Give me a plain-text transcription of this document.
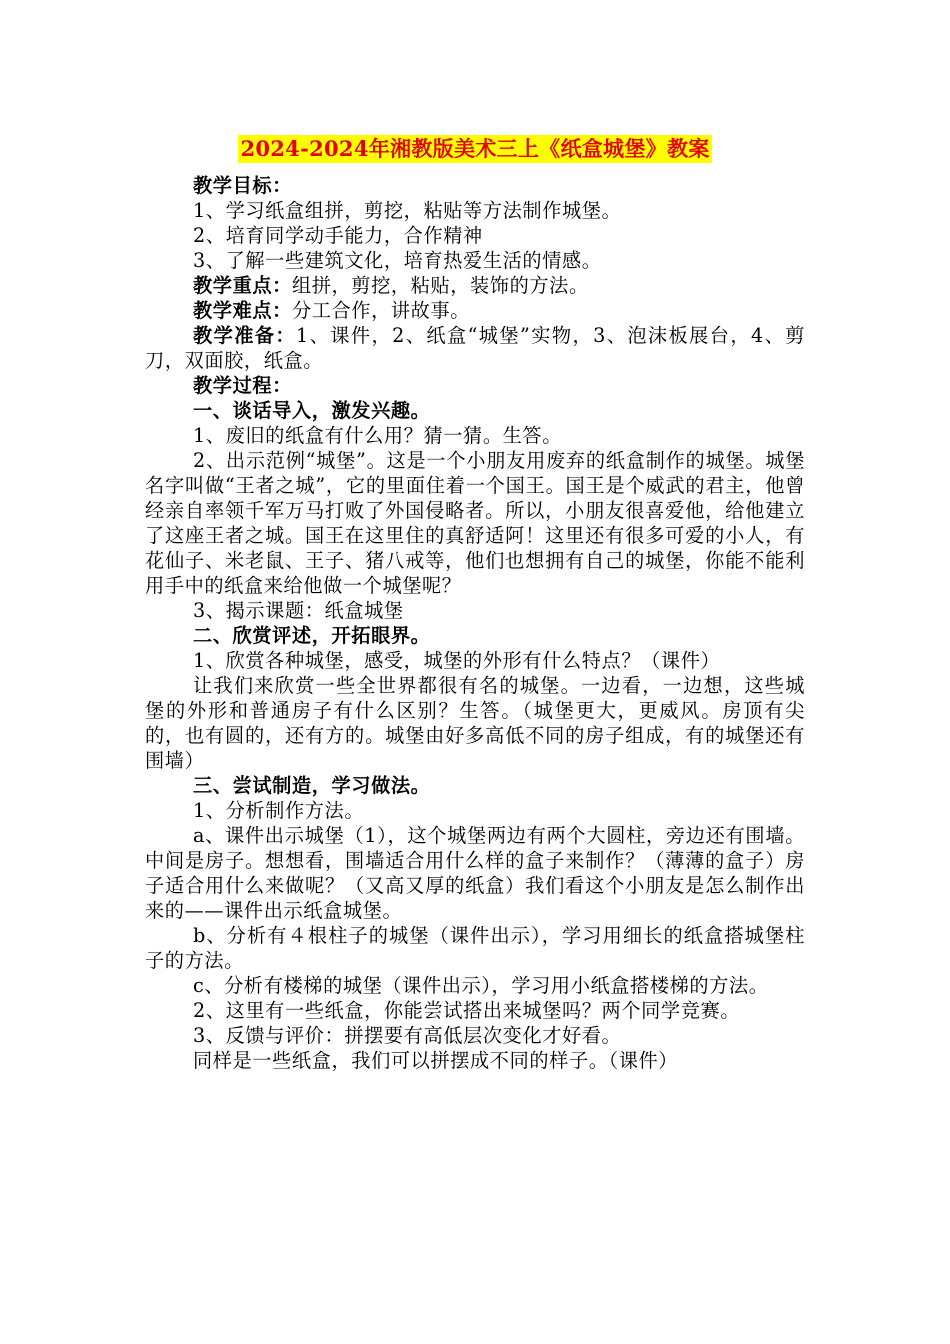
2024-2024年湘教版美术三上《纸盒城堡》教案

教学目标：

1、学习纸盒组拼，剪挖，粘贴等方法制作城堡。

2、培育同学动手能力，合作精神

3、了解一些建筑文化，培育热爱生活的情感。

教学重点：组拼，剪挖，粘贴，装饰的方法。

教学难点：分工合作，讲故事。

教学准备：1、课件，2、纸盒“城堡”实物，3、泡沫板展台，4、剪刀，双面胶，纸盒。

教学过程：

一、谈话导入，激发兴趣。

1、废旧的纸盒有什么用？猜一猜。生答。

2、出示范例“城堡”。这是一个小朋友用废弃的纸盒制作的城堡。城堡名字叫做“王者之城”，它的里面住着一个国王。国王是个威武的君主，他曾经亲自率领千军万马打败了外国侵略者。所以，小朋友很喜爱他，给他建立了这座王者之城。国王在这里住的真舒适阿！这里还有很多可爱的小人，有花仙子、米老鼠、王子、猪八戒等，他们也想拥有自己的城堡，你能不能利用手中的纸盒来给他做一个城堡呢？

3、揭示课题：纸盒城堡

二、欣赏评述，开拓眼界。

1、欣赏各种城堡，感受，城堡的外形有什么特点？（课件）

让我们来欣赏一些全世界都很有名的城堡。一边看，一边想，这些城堡的外形和普通房子有什么区别？生答。（城堡更大，更威风。房顶有尖的，也有圆的，还有方的。城堡由好多高低不同的房子组成，有的城堡还有围墙）

三、尝试制造，学习做法。

1、分析制作方法。

a、课件出示城堡（1），这个城堡两边有两个大圆柱，旁边还有围墙。中间是房子。想想看，围墙适合用什么样的盒子来制作？（薄薄的盒子）房子适合用什么来做呢？（又高又厚的纸盒）我们看这个小朋友是怎么制作出来的——课件出示纸盒城堡。

b、分析有４根柱子的城堡（课件出示），学习用细长的纸盒搭城堡柱子的方法。

c、分析有楼梯的城堡（课件出示），学习用小纸盒搭楼梯的方法。

2、这里有一些纸盒，你能尝试搭出来城堡吗？两个同学竞赛。

3、反馈与评价：拼摆要有高低层次变化才好看。

同样是一些纸盒，我们可以拼摆成不同的样子。（课件）
